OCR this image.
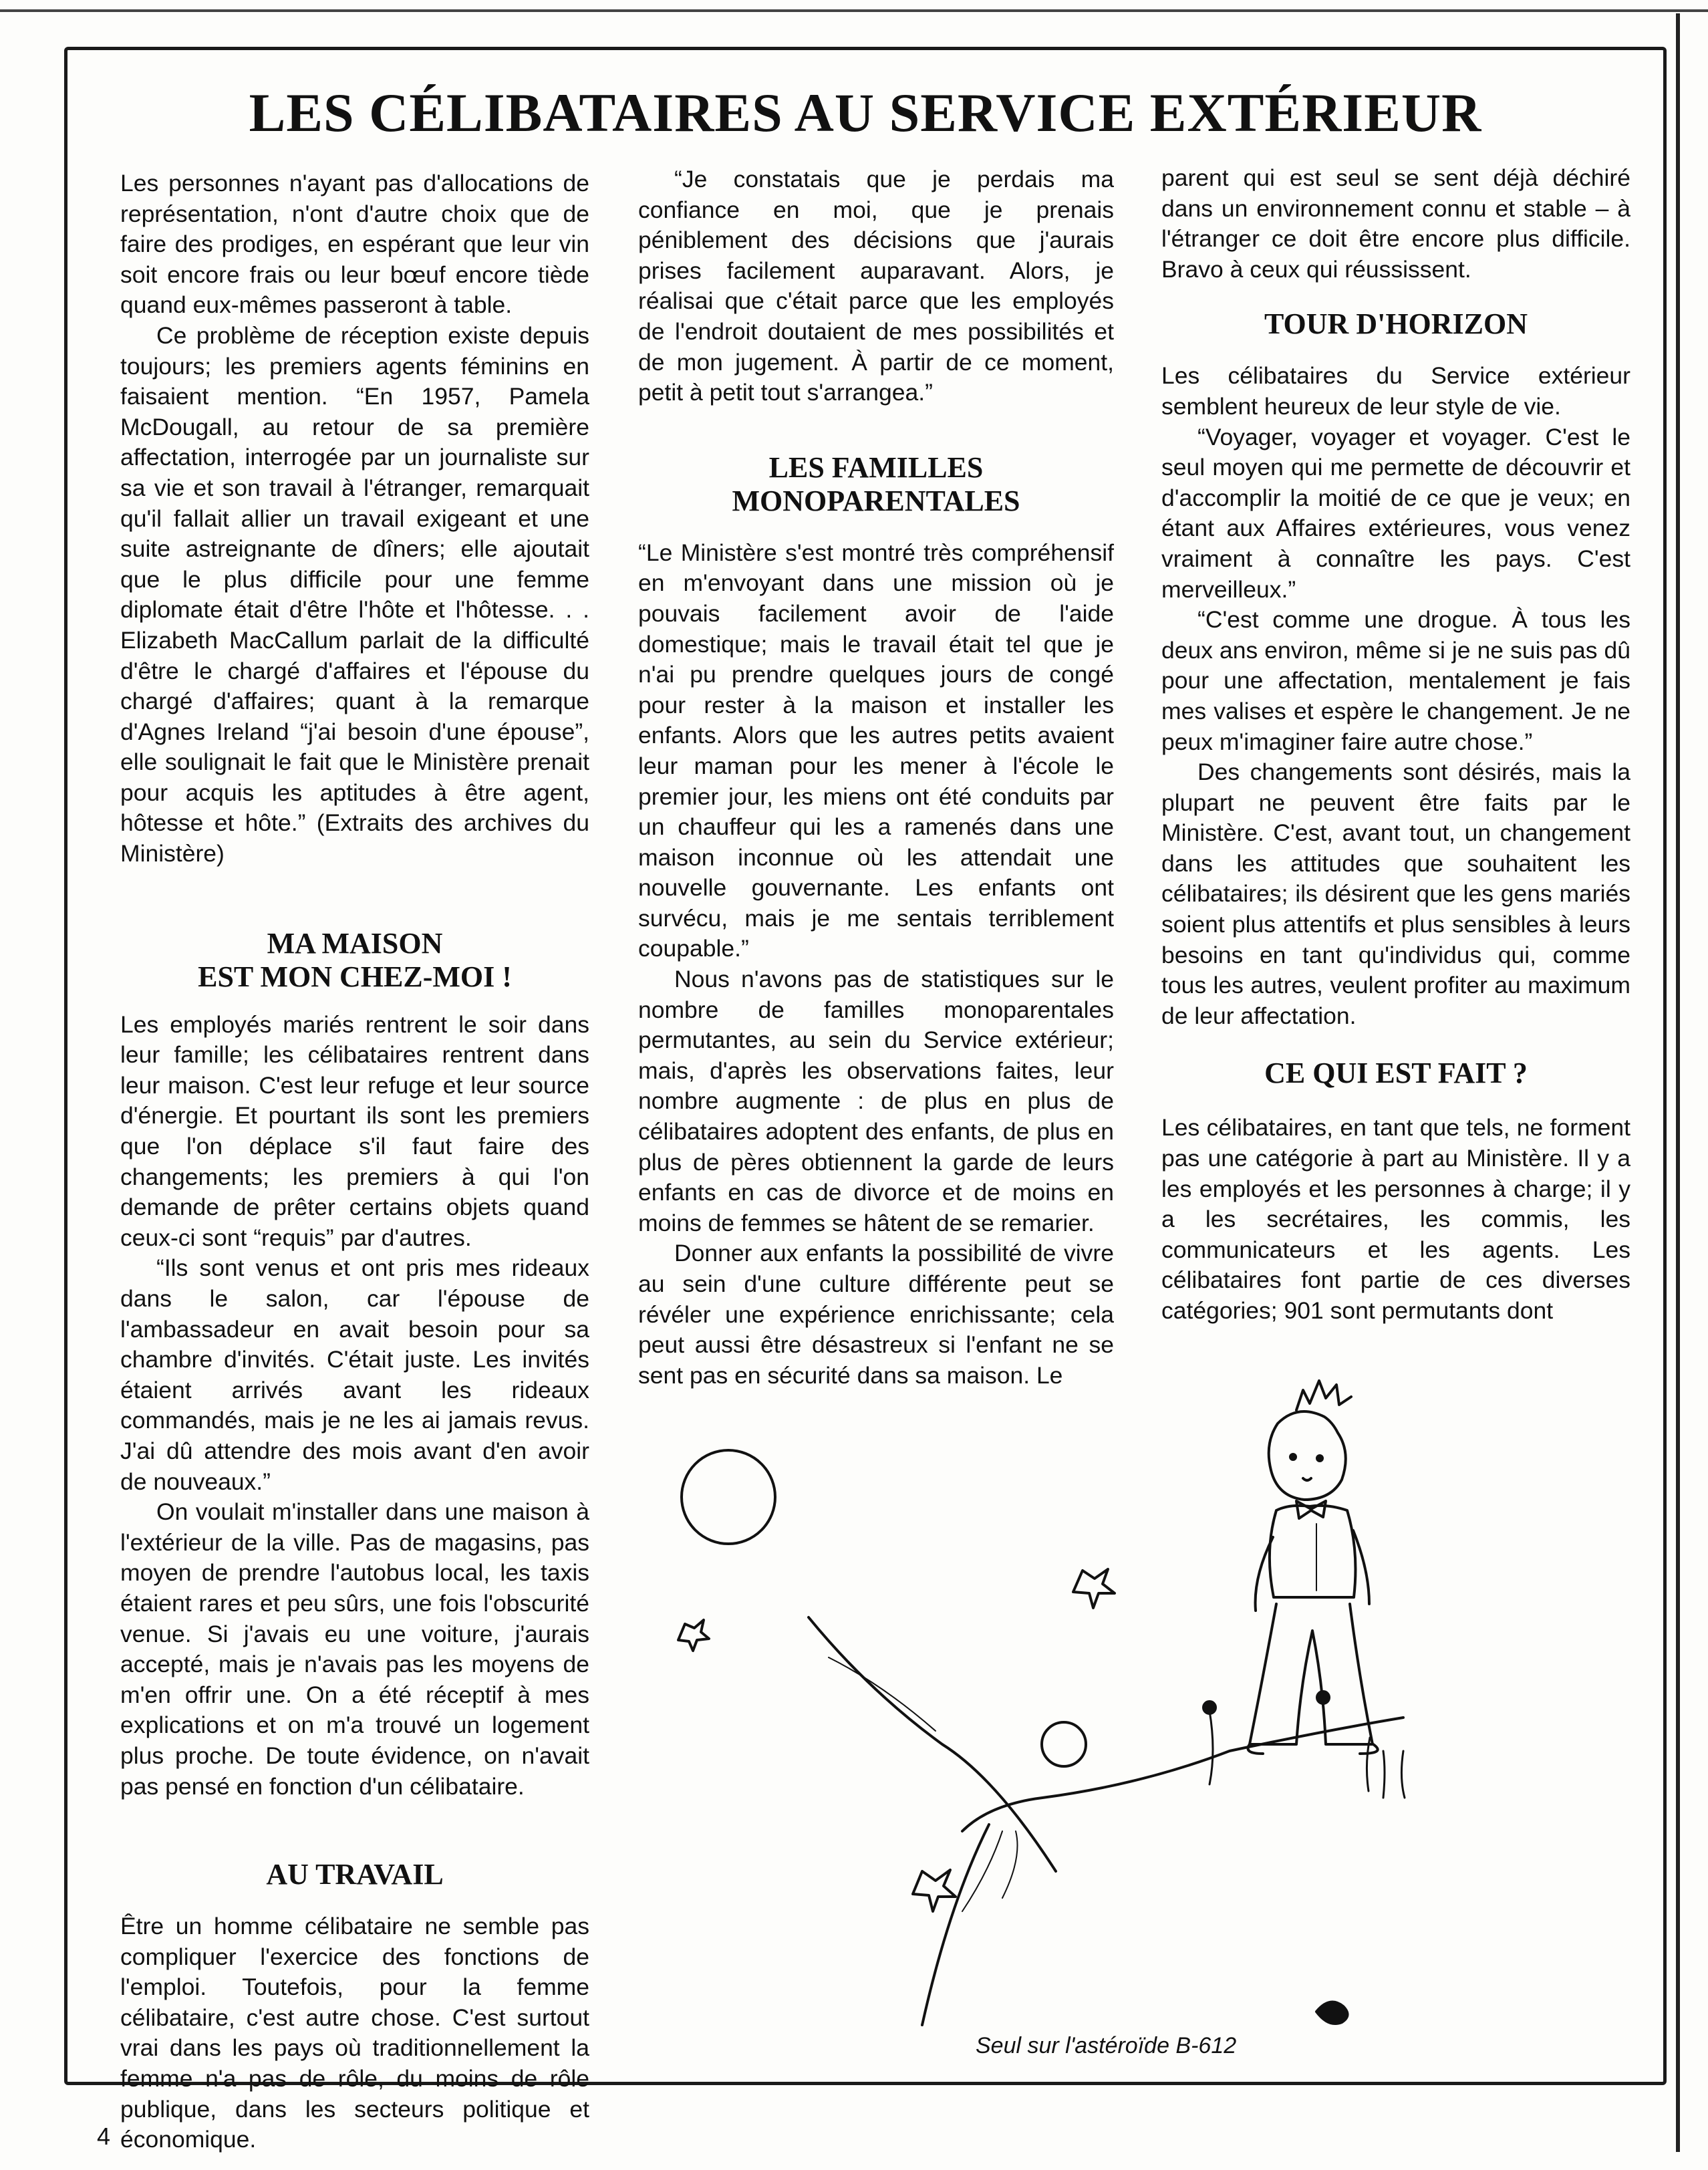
LES CÉLIBATAIRES AU SERVICE EXTÉRIEUR

Les personnes n'ayant pas d'allocations de représentation, n'ont d'autre choix que de faire des prodiges, en espérant que leur vin soit encore frais ou leur bœuf encore tiède quand eux-mêmes passeront à table.

Ce problème de réception existe depuis toujours; les premiers agents féminins en faisaient mention. “En 1957, Pamela McDougall, au retour de sa première affectation, interrogée par un journaliste sur sa vie et son travail à l'étranger, remarquait qu'il fallait allier un travail exigeant et une suite astreignante de dîners; elle ajoutait que le plus difficile pour une femme diplomate était d'être l'hôte et l'hôtesse. . . Elizabeth MacCallum parlait de la difficulté d'être le chargé d'affaires et l'épouse du chargé d'affaires; quant à la remarque d'Agnes Ireland “j'ai besoin d'une épouse”, elle soulignait le fait que le Ministère prenait pour acquis les aptitudes à être agent, hôtesse et hôte.” (Extraits des archives du Ministère)

MA MAISON
EST MON CHEZ-MOI !

Les employés mariés rentrent le soir dans leur famille; les célibataires rentrent dans leur maison. C'est leur refuge et leur source d'énergie. Et pourtant ils sont les premiers que l'on déplace s'il faut faire des changements; les premiers à qui l'on demande de prêter certains objets quand ceux-ci sont “requis” par d'autres.

“Ils sont venus et ont pris mes rideaux dans le salon, car l'épouse de l'ambassadeur en avait besoin pour sa chambre d'invités. C'était juste. Les invités étaient arrivés avant les rideaux commandés, mais je ne les ai jamais revus. J'ai dû attendre des mois avant d'en avoir de nouveaux.”

On voulait m'installer dans une maison à l'extérieur de la ville. Pas de magasins, pas moyen de prendre l'autobus local, les taxis étaient rares et peu sûrs, une fois l'obscurité venue. Si j'avais eu une voiture, j'aurais accepté, mais je n'avais pas les moyens de m'en offrir une. On a été réceptif à mes explications et on m'a trouvé un logement plus proche. De toute évidence, on n'avait pas pensé en fonction d'un célibataire.

AU TRAVAIL

Être un homme célibataire ne semble pas compliquer l'exercice des fonctions de l'emploi. Toutefois, pour la femme célibataire, c'est autre chose. C'est surtout vrai dans les pays où traditionnellement la femme n'a pas de rôle, du moins de rôle publique, dans les secteurs politique et économique.

“Je constatais que je perdais ma confiance en moi, que je prenais péniblement des décisions que j'aurais prises facilement auparavant. Alors, je réalisai que c'était parce que les employés de l'endroit doutaient de mes possibilités et de mon jugement. À partir de ce moment, petit à petit tout s'arrangea.”

LES FAMILLES
MONOPARENTALES

“Le Ministère s'est montré très compréhensif en m'envoyant dans une mission où je pouvais facilement avoir de l'aide domestique; mais le travail était tel que je n'ai pu prendre quelques jours de congé pour rester à la maison et installer les enfants. Alors que les autres petits avaient leur maman pour les mener à l'école le premier jour, les miens ont été conduits par un chauffeur qui les a ramenés dans une maison inconnue où les attendait une nouvelle gouvernante. Les enfants ont survécu, mais je me sentais terriblement coupable.”

Nous n'avons pas de statistiques sur le nombre de familles monoparentales permutantes, au sein du Service extérieur; mais, d'après les observations faites, leur nombre augmente : de plus en plus de célibataires adoptent des enfants, de plus en plus de pères obtiennent la garde de leurs enfants en cas de divorce et de moins en moins de femmes se hâtent de se remarier.

Donner aux enfants la possibilité de vivre au sein d'une culture différente peut se révéler une expérience enrichissante; cela peut aussi être désastreux si l'enfant ne se sent pas en sécurité dans sa maison. Le

parent qui est seul se sent déjà déchiré dans un environnement connu et stable – à l'étranger ce doit être encore plus difficile. Bravo à ceux qui réussissent.

TOUR D'HORIZON

Les célibataires du Service extérieur semblent heureux de leur style de vie.

“Voyager, voyager et voyager. C'est le seul moyen qui me permette de découvrir et d'accomplir la moitié de ce que je veux; en étant aux Affaires extérieures, vous venez vraiment à connaître les pays. C'est merveilleux.”

“C'est comme une drogue. À tous les deux ans environ, même si je ne suis pas dû pour une affectation, mentalement je fais mes valises et espère le changement. Je ne peux m'imaginer faire autre chose.”

Des changements sont désirés, mais la plupart ne peuvent être faits par le Ministère. C'est, avant tout, un changement dans les attitudes que souhaitent les célibataires; ils désirent que les gens mariés soient plus attentifs et plus sensibles à leurs besoins en tant qu'individus qui, comme tous les autres, veulent profiter au maximum de leur affectation.

CE QUI EST FAIT ?

Les célibataires, en tant que tels, ne forment pas une catégorie à part au Ministère. Il y a les employés et les personnes à charge; il y a les secrétaires, les commis, les communicateurs et les agents. Les célibataires font partie de ces diverses catégories; 901 sont permutants dont

Seul sur l'astéroïde B-612
4
